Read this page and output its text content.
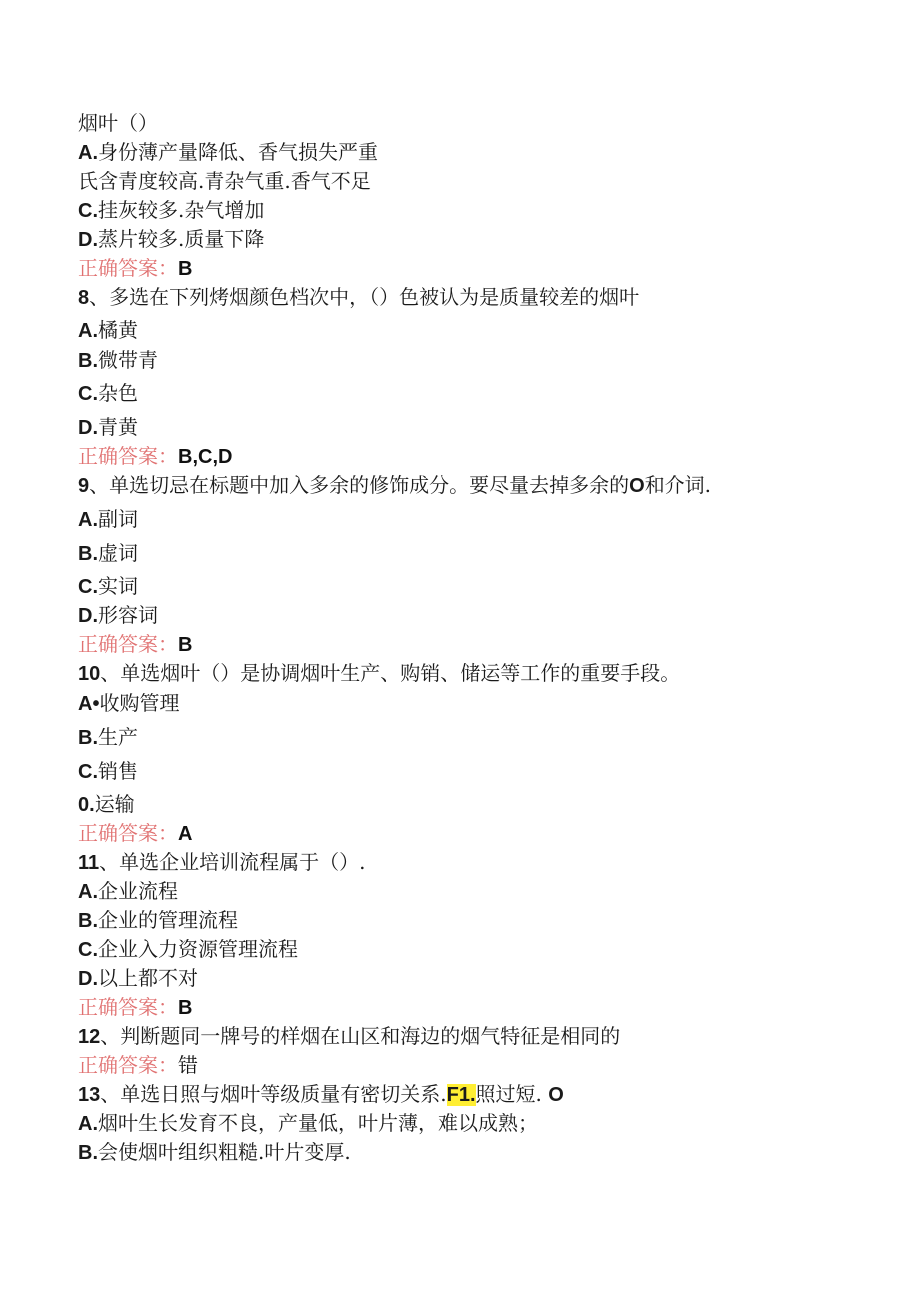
烟叶（）
A.身份薄产量降低、香气损失严重
氏含青度较高.青杂气重.香气不足
C.挂灰较多.杂气增加
D.蒸片较多.质量下降
正确答案：B
8、多选在下列烤烟颜色档次中，（）色被认为是质量较差的烟叶
A.橘黄
B.微带青
C.杂色
D.青黄
正确答案：B,C,D
9、单选切忌在标题中加入多余的修饰成分。要尽量去掉多余的O和介词.
A.副词
B.虚词
C.实词
D.形容词
正确答案：B
10、单选烟叶（）是协调烟叶生产、购销、储运等工作的重要手段。
A•收购管理
B.生产
C.销售
0.运输
正确答案：A
11、单选企业培训流程属于（）.
A.企业流程
B.企业的管理流程
C.企业入力资源管理流程
D.以上都不对
正确答案：B
12、判断题同一牌号的样烟在山区和海边的烟气特征是相同的
正确答案：错
13、单选日照与烟叶等级质量有密切关系.F1.照过短. O
A.烟叶生长发育不良，产量低，叶片薄，难以成熟；
B.会使烟叶组织粗糙.叶片变厚.
